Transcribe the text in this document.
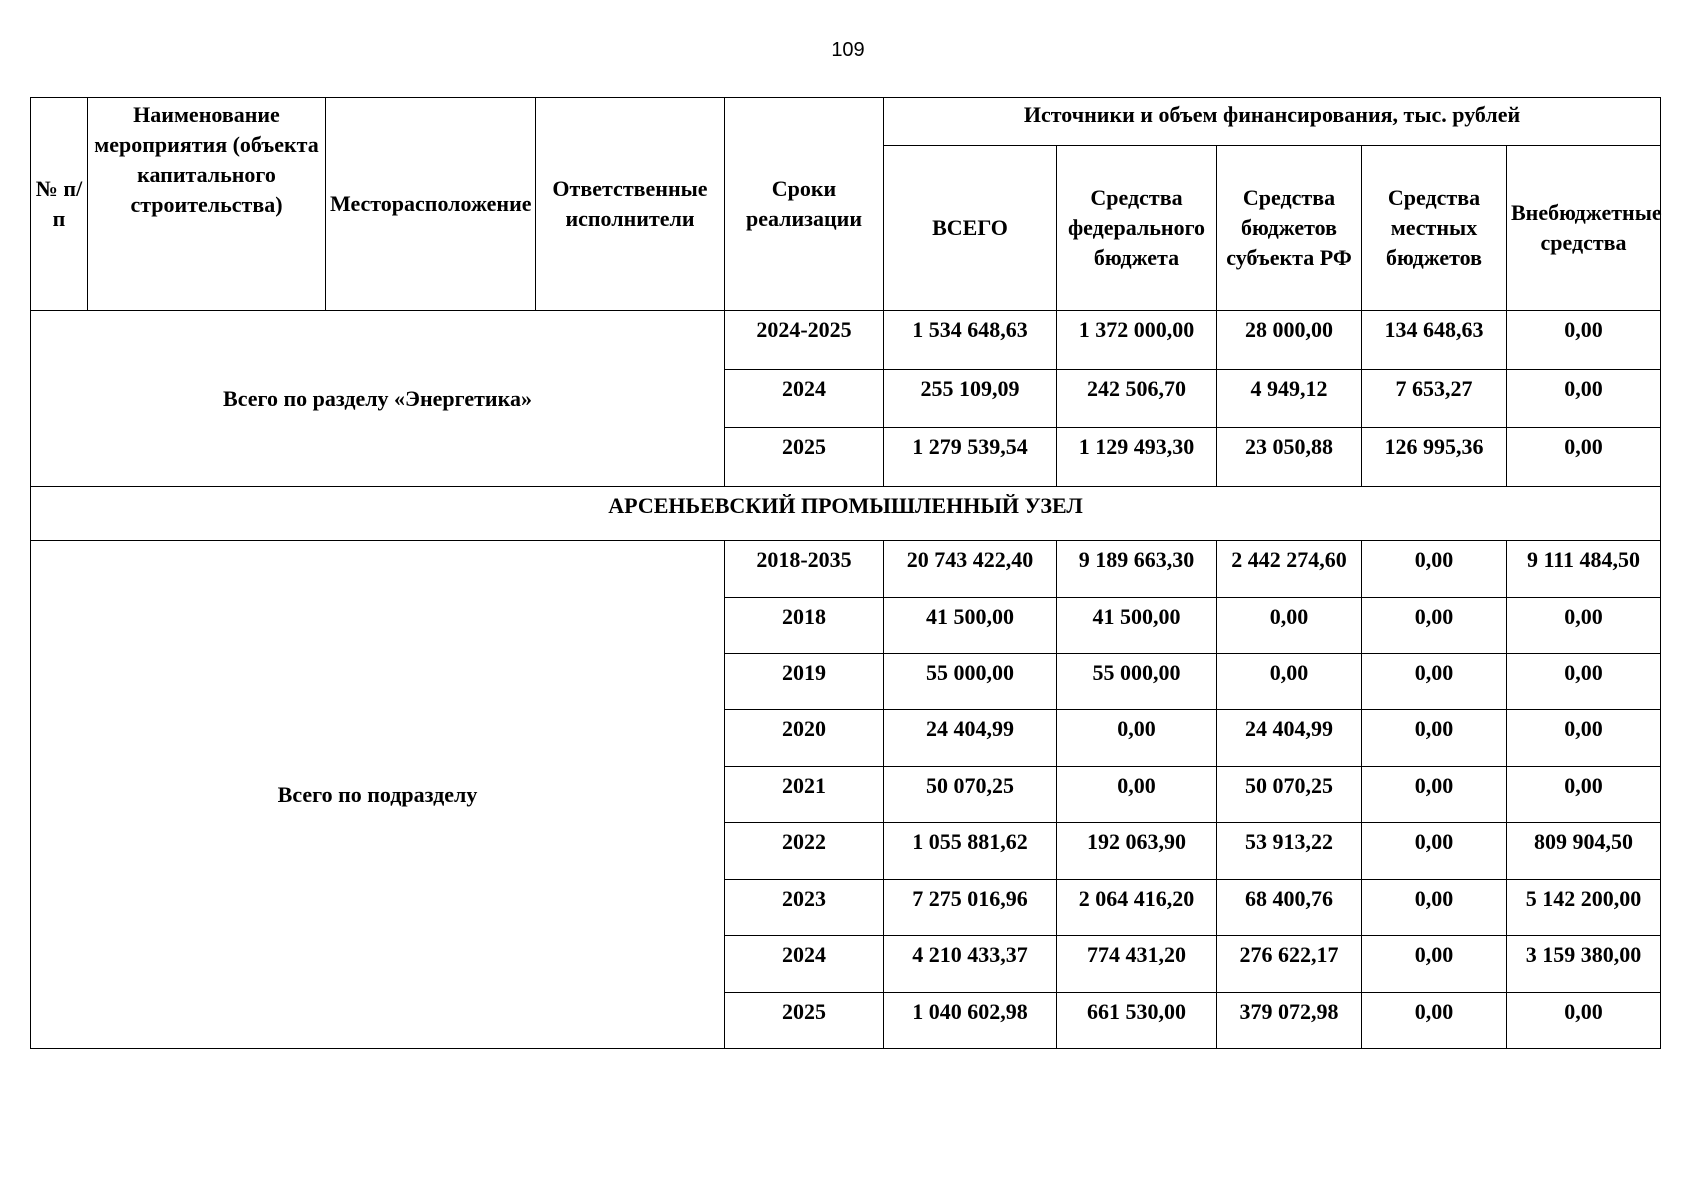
109
№ п/п	Наименование мероприятия (объекта капитального строительства)	Месторасположение	Ответственные исполнители	Сроки реализации	Источники и объем финансирования, тыс. рублей				
					ВСЕГО	Средства федерального бюджета	Средства бюджетов субъекта РФ	Средства местных бюджетов	Внебюджетные средства
Всего по разделу «Энергетика»				2024-2025	1 534 648,63	1 372 000,00	28 000,00	134 648,63	0,00
				2024	255 109,09	242 506,70	4 949,12	7 653,27	0,00
				2025	1 279 539,54	1 129 493,30	23 050,88	126 995,36	0,00
АРСЕНЬЕВСКИЙ ПРОМЫШЛЕННЫЙ УЗЕЛ									
Всего по подразделу				2018-2035	20 743 422,40	9 189 663,30	2 442 274,60	0,00	9 111 484,50
				2018	41 500,00	41 500,00	0,00	0,00	0,00
				2019	55 000,00	55 000,00	0,00	0,00	0,00
				2020	24 404,99	0,00	24 404,99	0,00	0,00
				2021	50 070,25	0,00	50 070,25	0,00	0,00
				2022	1 055 881,62	192 063,90	53 913,22	0,00	809 904,50
				2023	7 275 016,96	2 064 416,20	68 400,76	0,00	5 142 200,00
				2024	4 210 433,37	774 431,20	276 622,17	0,00	3 159 380,00
				2025	1 040 602,98	661 530,00	379 072,98	0,00	0,00
